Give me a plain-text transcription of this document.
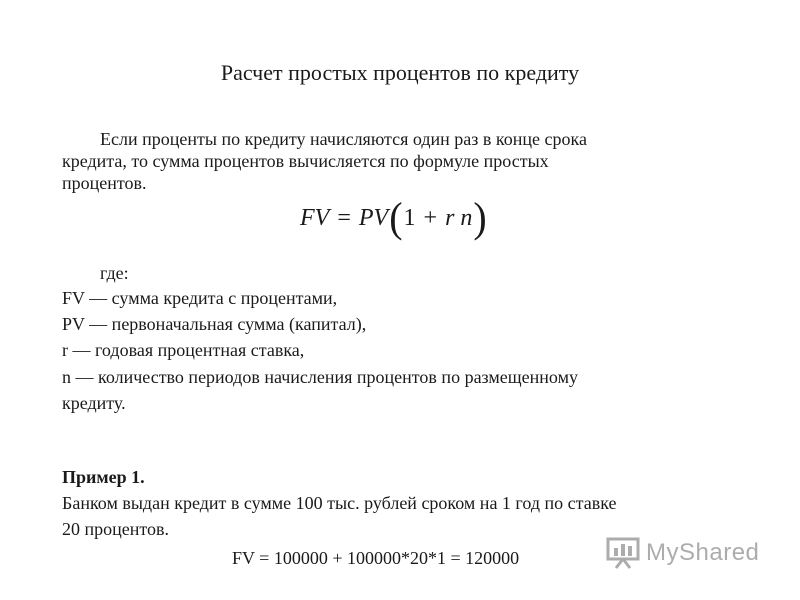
Расчет простых процентов по кредиту
Если проценты по кредиту начисляются один раз в конце срока
кредита, то сумма процентов вычисляется по формуле простых
процентов.
FV = PV ( 1 + r n )
где:
FV — сумма кредита с процентами,
PV — первоначальная сумма (капитал),
r — годовая процентная ставка,
n — количество периодов начисления процентов по размещенному
кредиту.
Пример 1.
Банком выдан кредит в сумме 100 тыс. рублей сроком на 1 год по ставке
20 процентов.
FV = 100000 + 100000*20*1 = 120000	MyShared
